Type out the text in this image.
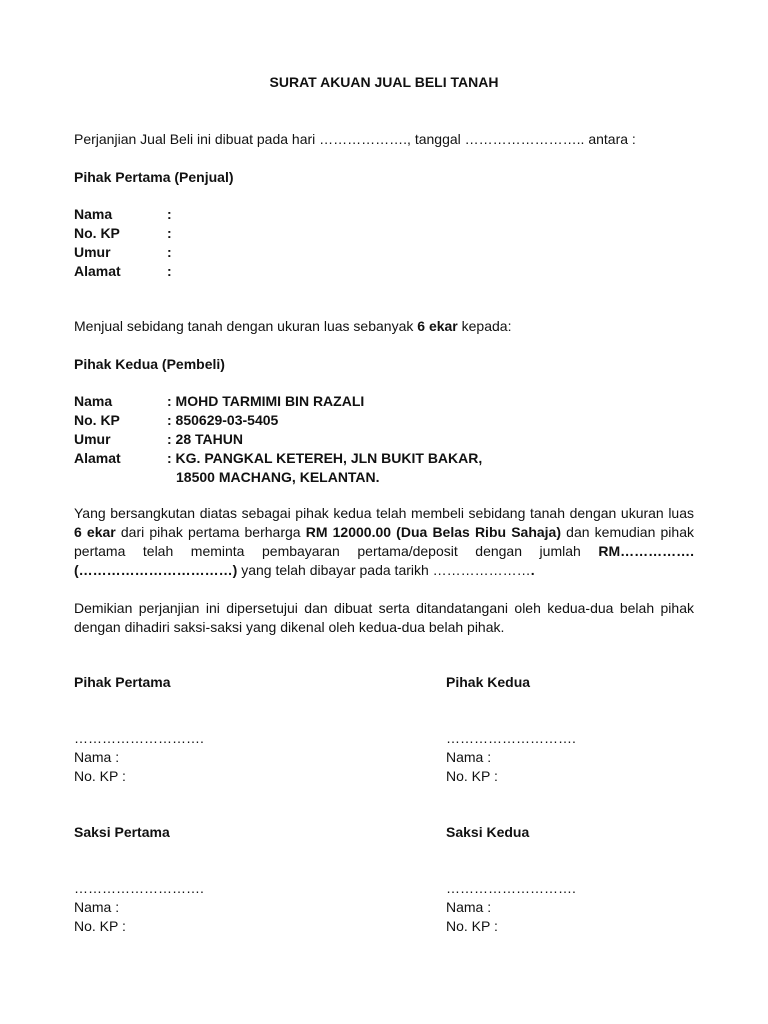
SURAT AKUAN JUAL BELI TANAH
Perjanjian Jual Beli ini dibuat pada hari ………………., tanggal …………………….. antara :
Pihak Pertama (Penjual)
Nama	:
No. KP	:
Umur	:
Alamat	:
Menjual sebidang tanah dengan ukuran luas sebanyak 6 ekar kepada:
Pihak Kedua (Pembeli)
Nama	: MOHD TARMIMI BIN RAZALI
No. KP	: 850629-03-5405
Umur	: 28 TAHUN
Alamat	: KG. PANGKAL KETEREH, JLN BUKIT BAKAR,
18500 MACHANG, KELANTAN.
Yang bersangkutan diatas sebagai pihak kedua telah membeli sebidang tanah dengan ukuran luas 6 ekar dari pihak pertama berharga RM 12000.00 (Dua Belas Ribu Sahaja) dan kemudian pihak pertama telah meminta pembayaran pertama/deposit dengan jumlah RM……………. (……………………………) yang telah dibayar pada tarikh ………………….
Demikian perjanjian ini dipersetujui dan dibuat serta ditandatangani oleh kedua-dua belah pihak dengan dihadiri saksi-saksi yang dikenal oleh kedua-dua belah pihak.
Pihak Pertama
……………………….
Nama :
No. KP :
Pihak Kedua
……………………….
Nama :
No. KP :
Saksi Pertama
……………………….
Nama :
No. KP :
Saksi Kedua
……………………….
Nama :
No. KP :
